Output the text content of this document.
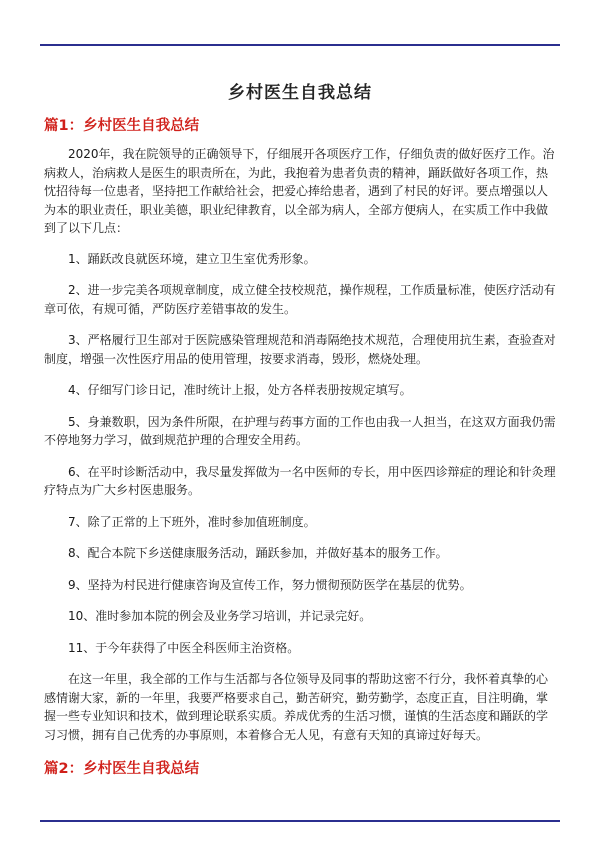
乡村医生自我总结
篇1：乡村医生自我总结

2020年，我在院领导的正确领导下，仔细展开各项医疗工作，仔细负责的做好医疗工作。治病救人，治病救人是医生的职责所在，为此，我抱着为患者负责的精神，踊跃做好各项工作，热忱招待每一位患者，坚持把工作献给社会，把爱心捧给患者，遇到了村民的好评。要点增强以人为本的职业责任，职业美德，职业纪律教育，以全部为病人，全部方便病人，在实质工作中我做到了以下几点：

1、踊跃改良就医环境，建立卫生室优秀形象。

2、进一步完美各项规章制度，成立健全技校规范，操作规程，工作质量标准，使医疗活动有章可依，有规可循，严防医疗差错事故的发生。

3、严格履行卫生部对于医院感染管理规范和消毒隔绝技术规范，合理使用抗生素，查验查对制度，增强一次性医疗用品的使用管理，按要求消毒，毁形，燃烧处理。

4、仔细写门诊日记，准时统计上报，处方各样表册按规定填写。

5、身兼数职，因为条件所限，在护理与药事方面的工作也由我一人担当，在这双方面我仍需不停地努力学习，做到规范护理的合理安全用药。

6、在平时诊断活动中，我尽量发挥做为一名中医师的专长，用中医四诊辩症的理论和针灸理疗特点为广大乡村医患服务。

7、除了正常的上下班外，准时参加值班制度。

8、配合本院下乡送健康服务活动，踊跃参加，并做好基本的服务工作。

9、坚持为村民进行健康咨询及宣传工作，努力惯彻预防医学在基层的优势。

10、准时参加本院的例会及业务学习培训，并记录完好。

11、于今年获得了中医全科医师主治资格。

在这一年里，我全部的工作与生活都与各位领导及同事的帮助这密不行分，我怀着真挚的心感情谢大家，新的一年里，我要严格要求自己，勤苦研究，勤劳勤学，态度正直，目注明确，掌握一些专业知识和技术，做到理论联系实质。养成优秀的生活习惯，谨慎的生活态度和踊跃的学习习惯，拥有自己优秀的办事原则，本着修合无人见，有意有天知的真谛过好每天。

篇2：乡村医生自我总结
